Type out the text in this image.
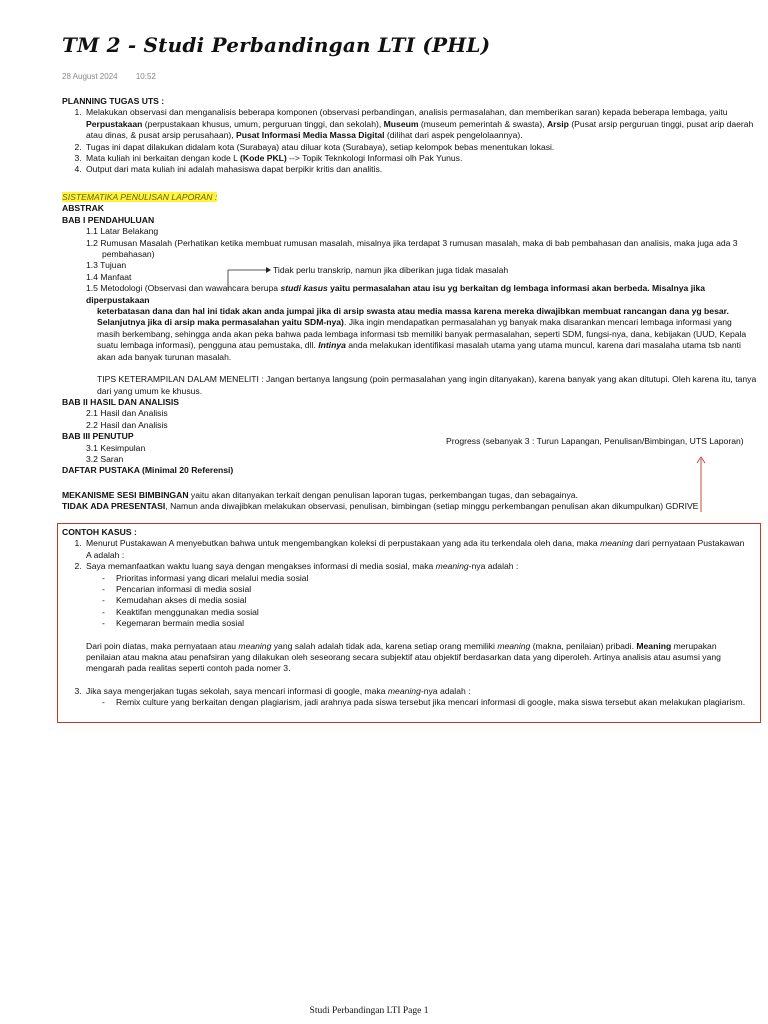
TM 2 - Studi Perbandingan LTI (PHL)
28 August 2024 10:52
PLANNING TUGAS UTS :
1. Melakukan observasi dan menganalisis beberapa komponen (observasi perbandingan, analisis permasalahan, dan memberikan saran) kepada beberapa lembaga, yaitu Perpustakaan (perpustakaan khusus, umum, perguruan tinggi, dan sekolah), Museum (museum pemerintah & swasta), Arsip (Pusat arsip perguruan tinggi, pusat arip daerah atau dinas, & pusat arsip perusahaan), Pusat Informasi Media Massa Digital (dilihat dari aspek pengelolaannya).
2. Tugas ini dapat dilakukan didalam kota (Surabaya) atau diluar kota (Surabaya), setiap kelompok bebas menentukan lokasi.
3. Mata kuliah ini berkaitan dengan kode L (Kode PKL) --> Topik Teknkologi Informasi olh Pak Yunus.
4. Output dari mata kuliah ini adalah mahasiswa dapat berpikir kritis dan analitis.
SISTEMATIKA PENULISAN LAPORAN :
ABSTRAK
BAB I PENDAHULUAN
1.1 Latar Belakang
1.2 Rumusan Masalah (Perhatikan ketika membuat rumusan masalah, misalnya jika terdapat 3 rumusan masalah, maka di bab pembahasan dan analisis, maka juga ada 3
pembahasan)
1.3 Tujuan
1.4 Manfaat
1.5 Metodologi (Observasi dan wawancara berupa studi kasus yaitu permasalahan atau isu yg berkaitan dg lembaga informasi akan berbeda. Misalnya jika diperpustakaan
keterbatasan dana dan hal ini tidak akan anda jumpai jika di arsip swasta atau media massa karena mereka diwajibkan membuat rancangan dana yg besar.
Selanjutnya jika di arsip maka permasalahan yaitu SDM-nya). Jika ingin mendapatkan permasalahan yg banyak maka disarankan mencari lembaga informasi yang
masih berkembang, sehingga anda akan peka bahwa pada lembaga informasi tsb memiliki banyak permasalahan, seperti SDM, fungsi-nya, dana, kebijakan (UUD, Kepala
suatu lembaga informasi), pengguna atau pemustaka, dll. Intinya anda melakukan identifikasi masalah utama yang utama muncul, karena dari masalaha utama tsb nanti
akan ada banyak turunan masalah.
TIPS KETERAMPILAN DALAM MENELITI : Jangan bertanya langsung (poin permasalahan yang ingin ditanyakan), karena banyak yang akan ditutupi. Oleh karena itu, tanya
dari yang umum ke khusus.
BAB II HASIL DAN ANALISIS
2.1 Hasil dan Analisis
2.2 Hasil dan Analisis
BAB III PENUTUP
3.1 Kesimpulan
3.2 Saran
DAFTAR PUSTAKA (Minimal 20 Referensi)
Tidak perlu transkrip, namun jika diberikan juga tidak masalah
Progress (sebanyak 3 : Turun Lapangan, Penulisan/Bimbingan, UTS Laporan)
MEKANISME SESI BIMBINGAN yaitu akan ditanyakan terkait dengan penulisan laporan tugas, perkembangan tugas, dan sebagainya.
TIDAK ADA PRESENTASI, Namun anda diwajibkan melakukan observasi, penulisan, bimbingan (setiap minggu perkembangan penulisan akan dikumpulkan) GDRIVE
CONTOH KASUS :
1. Menurut Pustakawan A menyebutkan bahwa untuk mengembangkan koleksi di perpustakaan yang ada itu terkendala oleh dana, maka meaning dari pernyataan Pustakawan
A adalah :
2. Saya memanfaatkan waktu luang saya dengan mengakses informasi di media sosial, maka meaning-nya adalah :
- Prioritas informasi yang dicari melalui media sosial
- Pencarian informasi di media sosial
- Kemudahan akses di media sosial
- Keaktifan menggunakan media sosial
- Kegemaran bermain media sosial
Dari poin diatas, maka pernyataan atau meaning yang salah adalah tidak ada, karena setiap orang memiliki meaning (makna, penilaian) pribadi. Meaning merupakan
penilaian atau makna atau penafsiran yang dilakukan oleh seseorang secara subjektif atau objektif berdasarkan data yang diperoleh. Artinya analisis atau asumsi yang
mengarah pada realitas seperti contoh pada nomer 3.
3. Jika saya mengerjakan tugas sekolah, saya mencari informasi di google, maka meaning-nya adalah :
- Remix culture yang berkaitan dengan plagiarism, jadi arahnya pada siswa tersebut jika mencari informasi di google, maka siswa tersebut akan melakukan plagiarism.
Studi Perbandingan LTI Page 1
